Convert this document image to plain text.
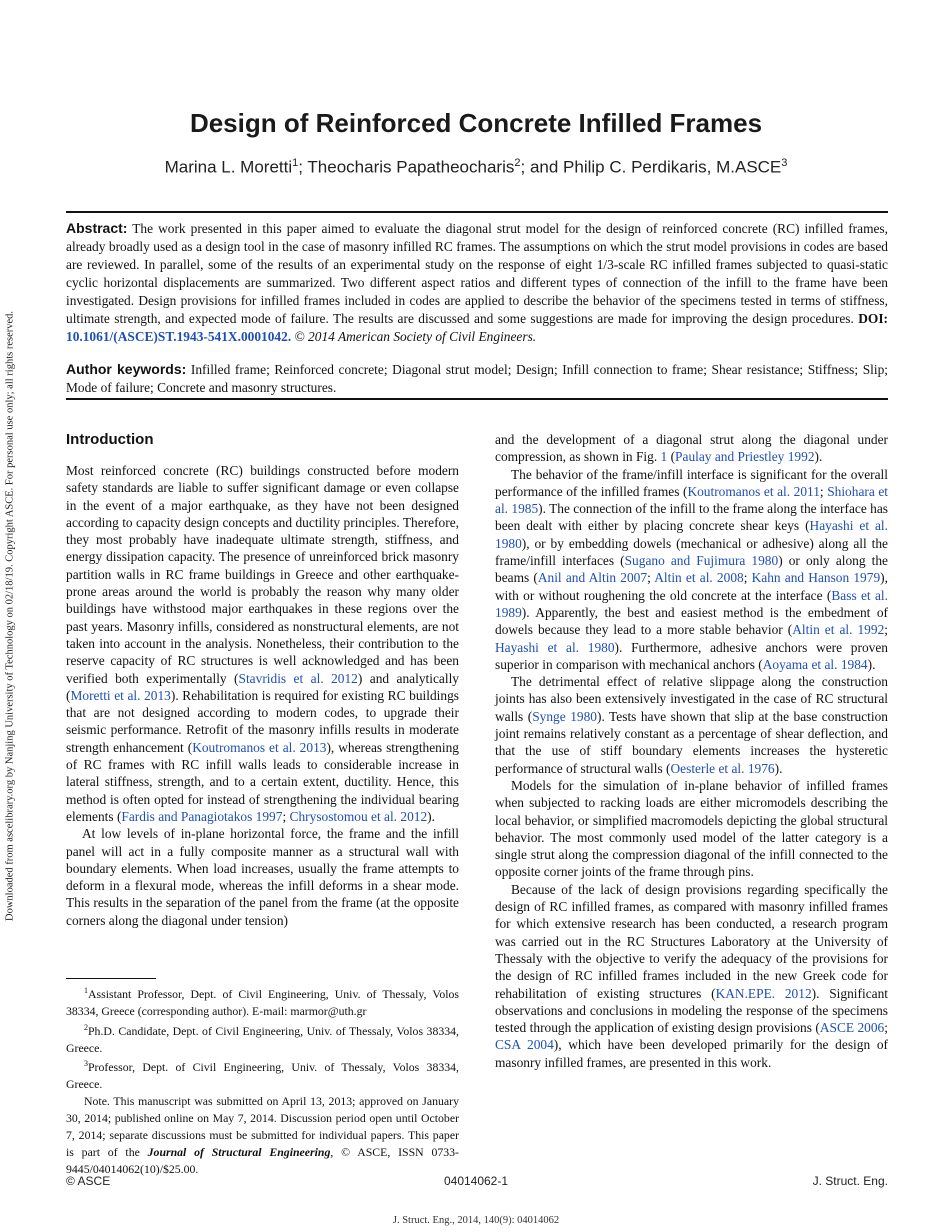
Downloaded from ascelibrary.org by Nanjing University of Technology on 02/18/19. Copyright ASCE. For personal use only; all rights reserved.
Design of Reinforced Concrete Infilled Frames
Marina L. Moretti$^1$; Theocharis Papatheocharis$^2$; and Philip C. Perdikaris, M.ASCE$^3$
Abstract: The work presented in this paper aimed to evaluate the diagonal strut model for the design of reinforced concrete (RC) infilled frames, already broadly used as a design tool in the case of masonry infilled RC frames. The assumptions on which the strut model provisions in codes are based are reviewed. In parallel, some of the results of an experimental study on the response of eight 1/3-scale RC infilled frames subjected to quasi-static cyclic horizontal displacements are summarized. Two different aspect ratios and different types of connection of the infill to the frame have been investigated. Design provisions for infilled frames included in codes are applied to describe the behavior of the specimens tested in terms of stiffness, ultimate strength, and expected mode of failure. The results are discussed and some suggestions are made for improving the design procedures. DOI: 10.1061/(ASCE)ST.1943-541X.0001042. © 2014 American Society of Civil Engineers.
Author keywords: Infilled frame; Reinforced concrete; Diagonal strut model; Design; Infill connection to frame; Shear resistance; Stiffness; Slip; Mode of failure; Concrete and masonry structures.
Introduction

Most reinforced concrete (RC) buildings constructed before modern safety standards are liable to suffer significant damage or even collapse in the event of a major earthquake, as they have not been designed according to capacity design concepts and ductility principles. Therefore, they most probably have inadequate ultimate strength, stiffness, and energy dissipation capacity. The presence of unreinforced brick masonry partition walls in RC frame buildings in Greece and other earthquake-prone areas around the world is probably the reason why many older buildings have withstood major earthquakes in these regions over the past years. Masonry infills, considered as nonstructural elements, are not taken into account in the analysis. Nonetheless, their contribution to the reserve capacity of RC structures is well acknowledged and has been verified both experimentally (Stavridis et al. 2012) and analytically (Moretti et al. 2013). Rehabilitation is required for existing RC buildings that are not designed according to modern codes, to upgrade their seismic performance. Retrofit of the masonry infills results in moderate strength enhancement (Koutromanos et al. 2013), whereas strengthening of RC frames with RC infill walls leads to considerable increase in lateral stiffness, strength, and to a certain extent, ductility. Hence, this method is often opted for instead of strengthening the individual bearing elements (Fardis and Panagiotakos 1997; Chrysostomou et al. 2012).

At low levels of in-plane horizontal force, the frame and the infill panel will act in a fully composite manner as a structural wall with boundary elements. When load increases, usually the frame attempts to deform in a flexural mode, whereas the infill deforms in a shear mode. This results in the separation of the panel from the frame (at the opposite corners along the diagonal under tension)

$^1$Assistant Professor, Dept. of Civil Engineering, Univ. of Thessaly, Volos 38334, Greece (corresponding author). E-mail: marmor@uth.gr

$^2$Ph.D. Candidate, Dept. of Civil Engineering, Univ. of Thessaly, Volos 38334, Greece.

$^3$Professor, Dept. of Civil Engineering, Univ. of Thessaly, Volos 38334, Greece.

Note. This manuscript was submitted on April 13, 2013; approved on January 30, 2014; published online on May 7, 2014. Discussion period open until October 7, 2014; separate discussions must be submitted for individual papers. This paper is part of the Journal of Structural Engineering, © ASCE, ISSN 0733-9445/04014062(10)/$25.00.

and the development of a diagonal strut along the diagonal under compression, as shown in Fig. 1 (Paulay and Priestley 1992).

The behavior of the frame/infill interface is significant for the overall performance of the infilled frames (Koutromanos et al. 2011; Shiohara et al. 1985). The connection of the infill to the frame along the interface has been dealt with either by placing concrete shear keys (Hayashi et al. 1980), or by embedding dowels (mechanical or adhesive) along all the frame/infill interfaces (Sugano and Fujimura 1980) or only along the beams (Anil and Altin 2007; Altin et al. 2008; Kahn and Hanson 1979), with or without roughening the old concrete at the interface (Bass et al. 1989). Apparently, the best and easiest method is the embedment of dowels because they lead to a more stable behavior (Altin et al. 1992; Hayashi et al. 1980). Furthermore, adhesive anchors were proven superior in comparison with mechanical anchors (Aoyama et al. 1984).

The detrimental effect of relative slippage along the construction joints has also been extensively investigated in the case of RC structural walls (Synge 1980). Tests have shown that slip at the base construction joint remains relatively constant as a percentage of shear deflection, and that the use of stiff boundary elements increases the hysteretic performance of structural walls (Oesterle et al. 1976).

Models for the simulation of in-plane behavior of infilled frames when subjected to racking loads are either micromodels describing the local behavior, or simplified macromodels depicting the global structural behavior. The most commonly used model of the latter category is a single strut along the compression diagonal of the infill connected to the opposite corner joints of the frame through pins.

Because of the lack of design provisions regarding specifically the design of RC infilled frames, as compared with masonry infilled frames for which extensive research has been conducted, a research program was carried out in the RC Structures Laboratory at the University of Thessaly with the objective to verify the adequacy of the provisions for the design of RC infilled frames included in the new Greek code for rehabilitation of existing structures (KAN.EPE. 2012). Significant observations and conclusions in modeling the response of the specimens tested through the application of existing design provisions (ASCE 2006; CSA 2004), which have been developed primarily for the design of masonry infilled frames, are presented in this work.

© ASCE	04014062-1	J. Struct. Eng.
J. Struct. Eng., 2014, 140(9): 04014062
